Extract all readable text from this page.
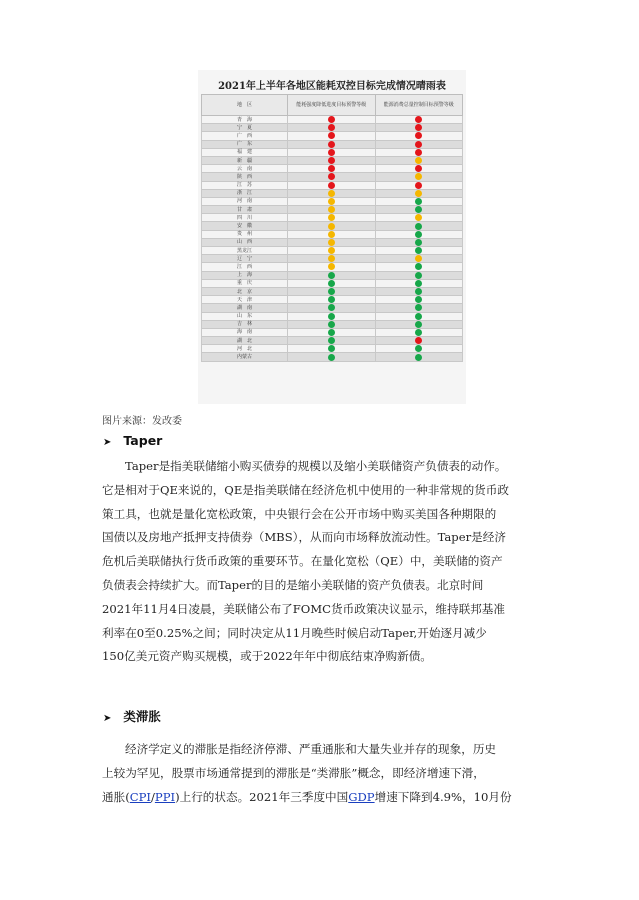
2021年上半年各地区能耗双控目标完成情况晴雨表
地　区	能耗强度降低进度目标预警等级	能源消费总量控制目标预警等级
青　海		
宁　夏		
广　西		
广　东		
福　建		
新　疆		
云　南		
陕　西		
江　苏		
浙　江		
河　南		
甘　肃		
四　川		
安　徽		
贵　州		
山　西		
黑龙江		
辽　宁		
江　西		
上　海		
重　庆		
北　京		
天　津		
湖　南		
山　东		
吉　林		
海　南		
湖　北		
河　北		
内蒙古		
图片来源：发改委
➤ Taper

Taper是指美联储缩小购买债券的规模以及缩小美联储资产负债表的动作。

它是相对于QE来说的，QE是指美联储在经济危机中使用的一种非常规的货币政

策工具，也就是量化宽松政策，中央银行会在公开市场中购买美国各种期限的

国债以及房地产抵押支持债券（MBS），从而向市场释放流动性。Taper是经济

危机后美联储执行货币政策的重要环节。在量化宽松（QE）中，美联储的资产

负债表会持续扩大。而Taper的目的是缩小美联储的资产负债表。北京时间

2021年11月4日凌晨，美联储公布了FOMC货币政策决议显示，维持联邦基准

利率在0至0.25%之间；同时决定从11月晚些时候启动Taper,开始逐月减少

150亿美元资产购买规模，或于2022年年中彻底结束净购新债。

➤ 类滞胀

经济学定义的滞胀是指经济停滞、严重通胀和大量失业并存的现象，历史

上较为罕见，股票市场通常提到的滞胀是“类滞胀”概念，即经济增速下滑，

通胀(CPI/PPI)上行的状态。2021年三季度中国GDP增速下降到4.9%，10月份
